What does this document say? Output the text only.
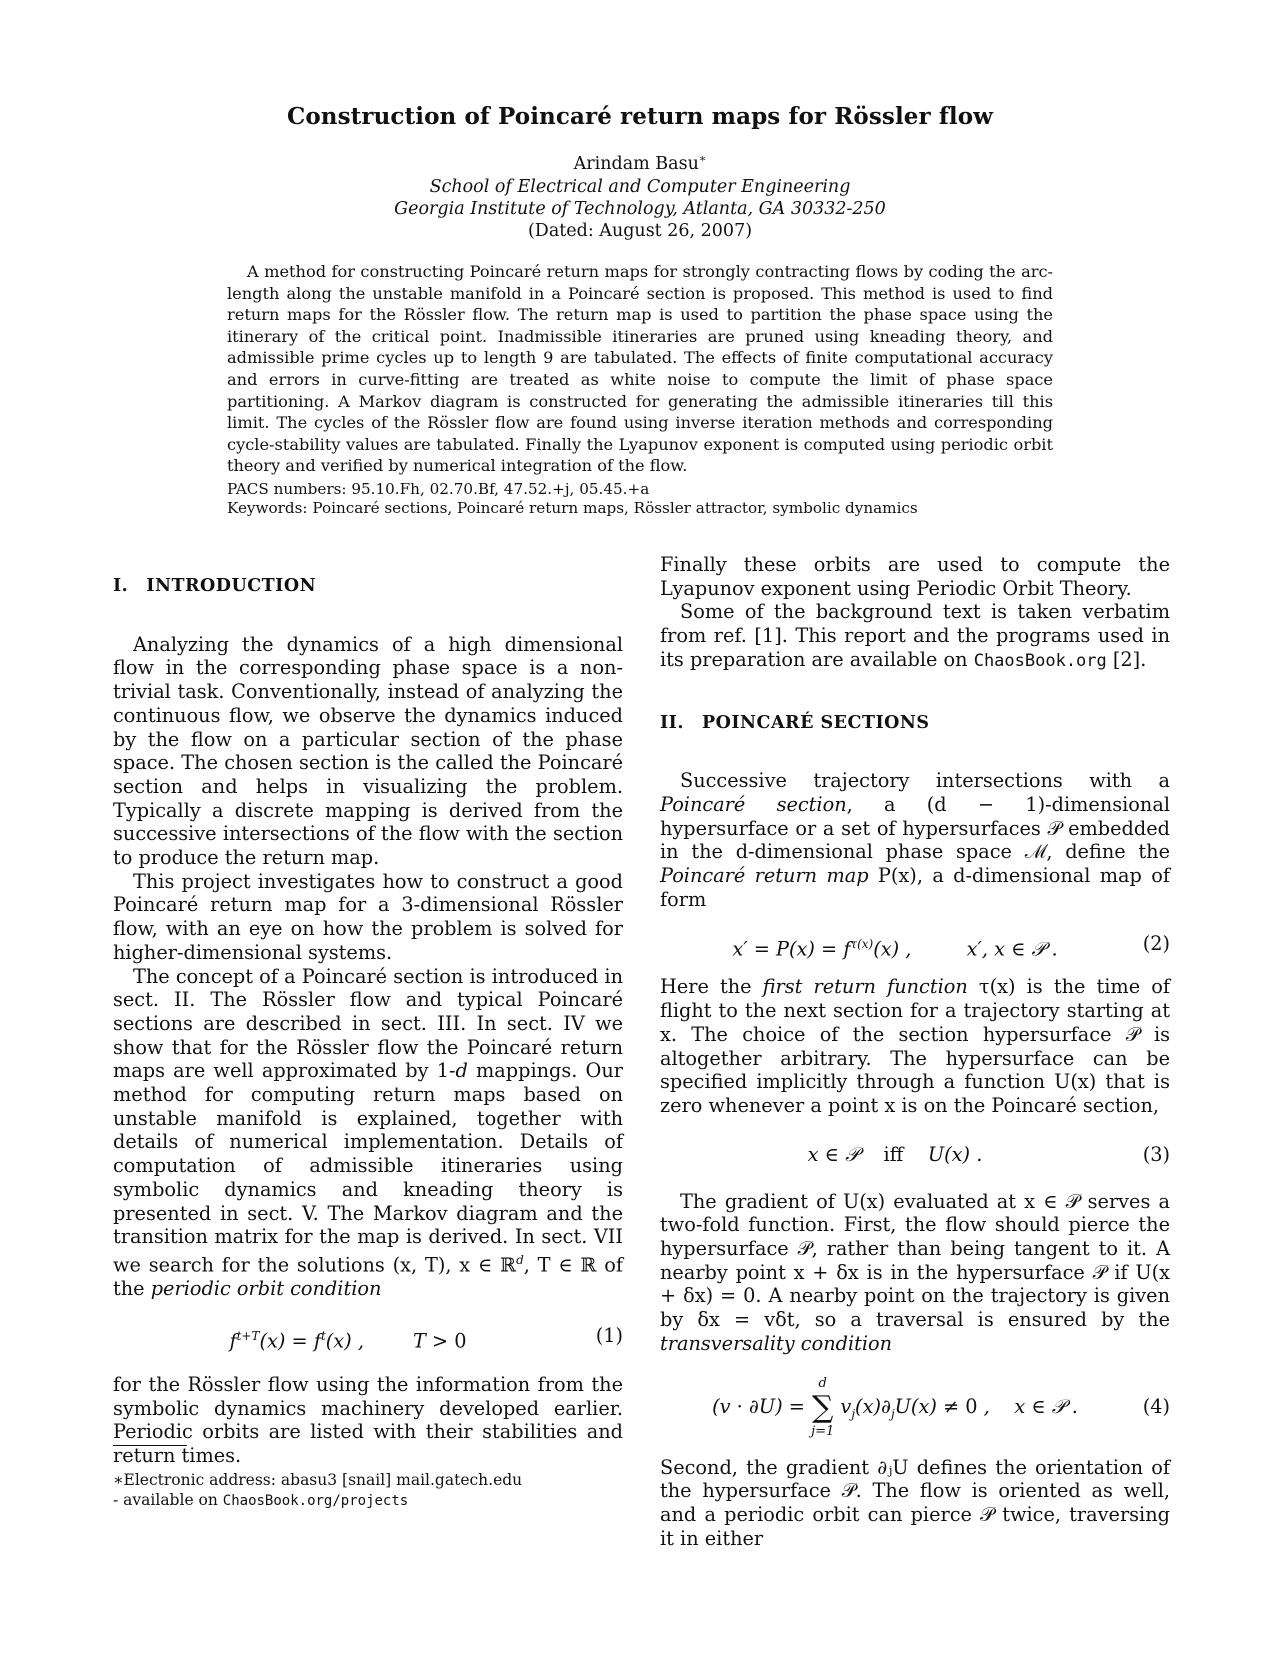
Construction of Poincaré return maps for Rössler flow
Arindam Basu∗
School of Electrical and Computer Engineering
Georgia Institute of Technology, Atlanta, GA 30332-250
(Dated: August 26, 2007)

A method for constructing Poincaré return maps for strongly contracting flows by coding the arc-length along the unstable manifold in a Poincaré section is proposed. This method is used to find return maps for the Rössler flow. The return map is used to partition the phase space using the itinerary of the critical point. Inadmissible itineraries are pruned using kneading theory, and admissible prime cycles up to length 9 are tabulated. The effects of finite computational accuracy and errors in curve-fitting are treated as white noise to compute the limit of phase space partitioning. A Markov diagram is constructed for generating the admissible itineraries till this limit. The cycles of the Rössler flow are found using inverse iteration methods and corresponding cycle-stability values are tabulated. Finally the Lyapunov exponent is computed using periodic orbit theory and verified by numerical integration of the flow.

PACS numbers: 95.10.Fh, 02.70.Bf, 47.52.+j, 05.45.+a

Keywords: Poincaré sections, Poincaré return maps, Rössler attractor, symbolic dynamics

I. INTRODUCTION

Analyzing the dynamics of a high dimensional flow in the corresponding phase space is a non-trivial task. Conventionally, instead of analyzing the continuous flow, we observe the dynamics induced by the flow on a particular section of the phase space. The chosen section is the called the Poincaré section and helps in visualizing the problem. Typically a discrete mapping is derived from the successive intersections of the flow with the section to produce the return map.

This project investigates how to construct a good Poincaré return map for a 3-dimensional Rössler flow, with an eye on how the problem is solved for higher-dimensional systems.

The concept of a Poincaré section is introduced in sect. II. The Rössler flow and typical Poincaré sections are described in sect. III. In sect. IV we show that for the Rössler flow the Poincaré return maps are well approximated by 1-d mappings. Our method for computing return maps based on unstable manifold is explained, together with details of numerical implementation. Details of computation of admissible itineraries using symbolic dynamics and kneading theory is presented in sect. V. The Markov diagram and the transition matrix for the map is derived. In sect. VII we search for the solutions (x, T), x ∈ ℝ$^d$, T ∈ ℝ of the periodic orbit condition

$f^{t+T}(x) = f^t(x)$ ,        T > 0	(1)

for the Rössler flow using the information from the symbolic dynamics machinery developed earlier. Periodic orbits are listed with their stabilities and return times.

Finally these orbits are used to compute the Lyapunov exponent using Periodic Orbit Theory.

Some of the background text is taken verbatim from ref. [1]. This report and the programs used in its preparation are available on ChaosBook.org [2].

II. POINCARÉ SECTIONS

Successive trajectory intersections with a Poincaré section, a (d − 1)-dimensional hypersurface or a set of hypersurfaces 𝒫 embedded in the d-dimensional phase space ℳ, define the Poincaré return map P(x), a d-dimensional map of form

$x' = P(x) = f^{\tau(x)}(x)$ ,         x′, x ∈ 𝒫 .	(2)

Here the first return function τ(x) is the time of flight to the next section for a trajectory starting at x. The choice of the section hypersurface 𝒫 is altogether arbitrary. The hypersurface can be specified implicitly through a function U(x) that is zero whenever a point x is on the Poincaré section,

x ∈ 𝒫    iff    U(x) .	(3)

The gradient of U(x) evaluated at x ∈ 𝒫 serves a two-fold function. First, the flow should pierce the hypersurface 𝒫, rather than being tangent to it. A nearby point x + δx is in the hypersurface 𝒫 if U(x + δx) = 0. A nearby point on the trajectory is given by δx = vδt, so a traversal is ensured by the transversality condition

(v · ∂U) =
d
∑
j=1
$v_j(x)\partial_jU(x) \ne 0$ ,    x ∈ 𝒫 .	(4)

Second, the gradient ∂ⱼU defines the orientation of the hypersurface 𝒫. The flow is oriented as well, and a periodic orbit can pierce 𝒫 twice, traversing it in either

∗Electronic address: abasu3 [snail] mail.gatech.edu
- available on ChaosBook.org/projects
